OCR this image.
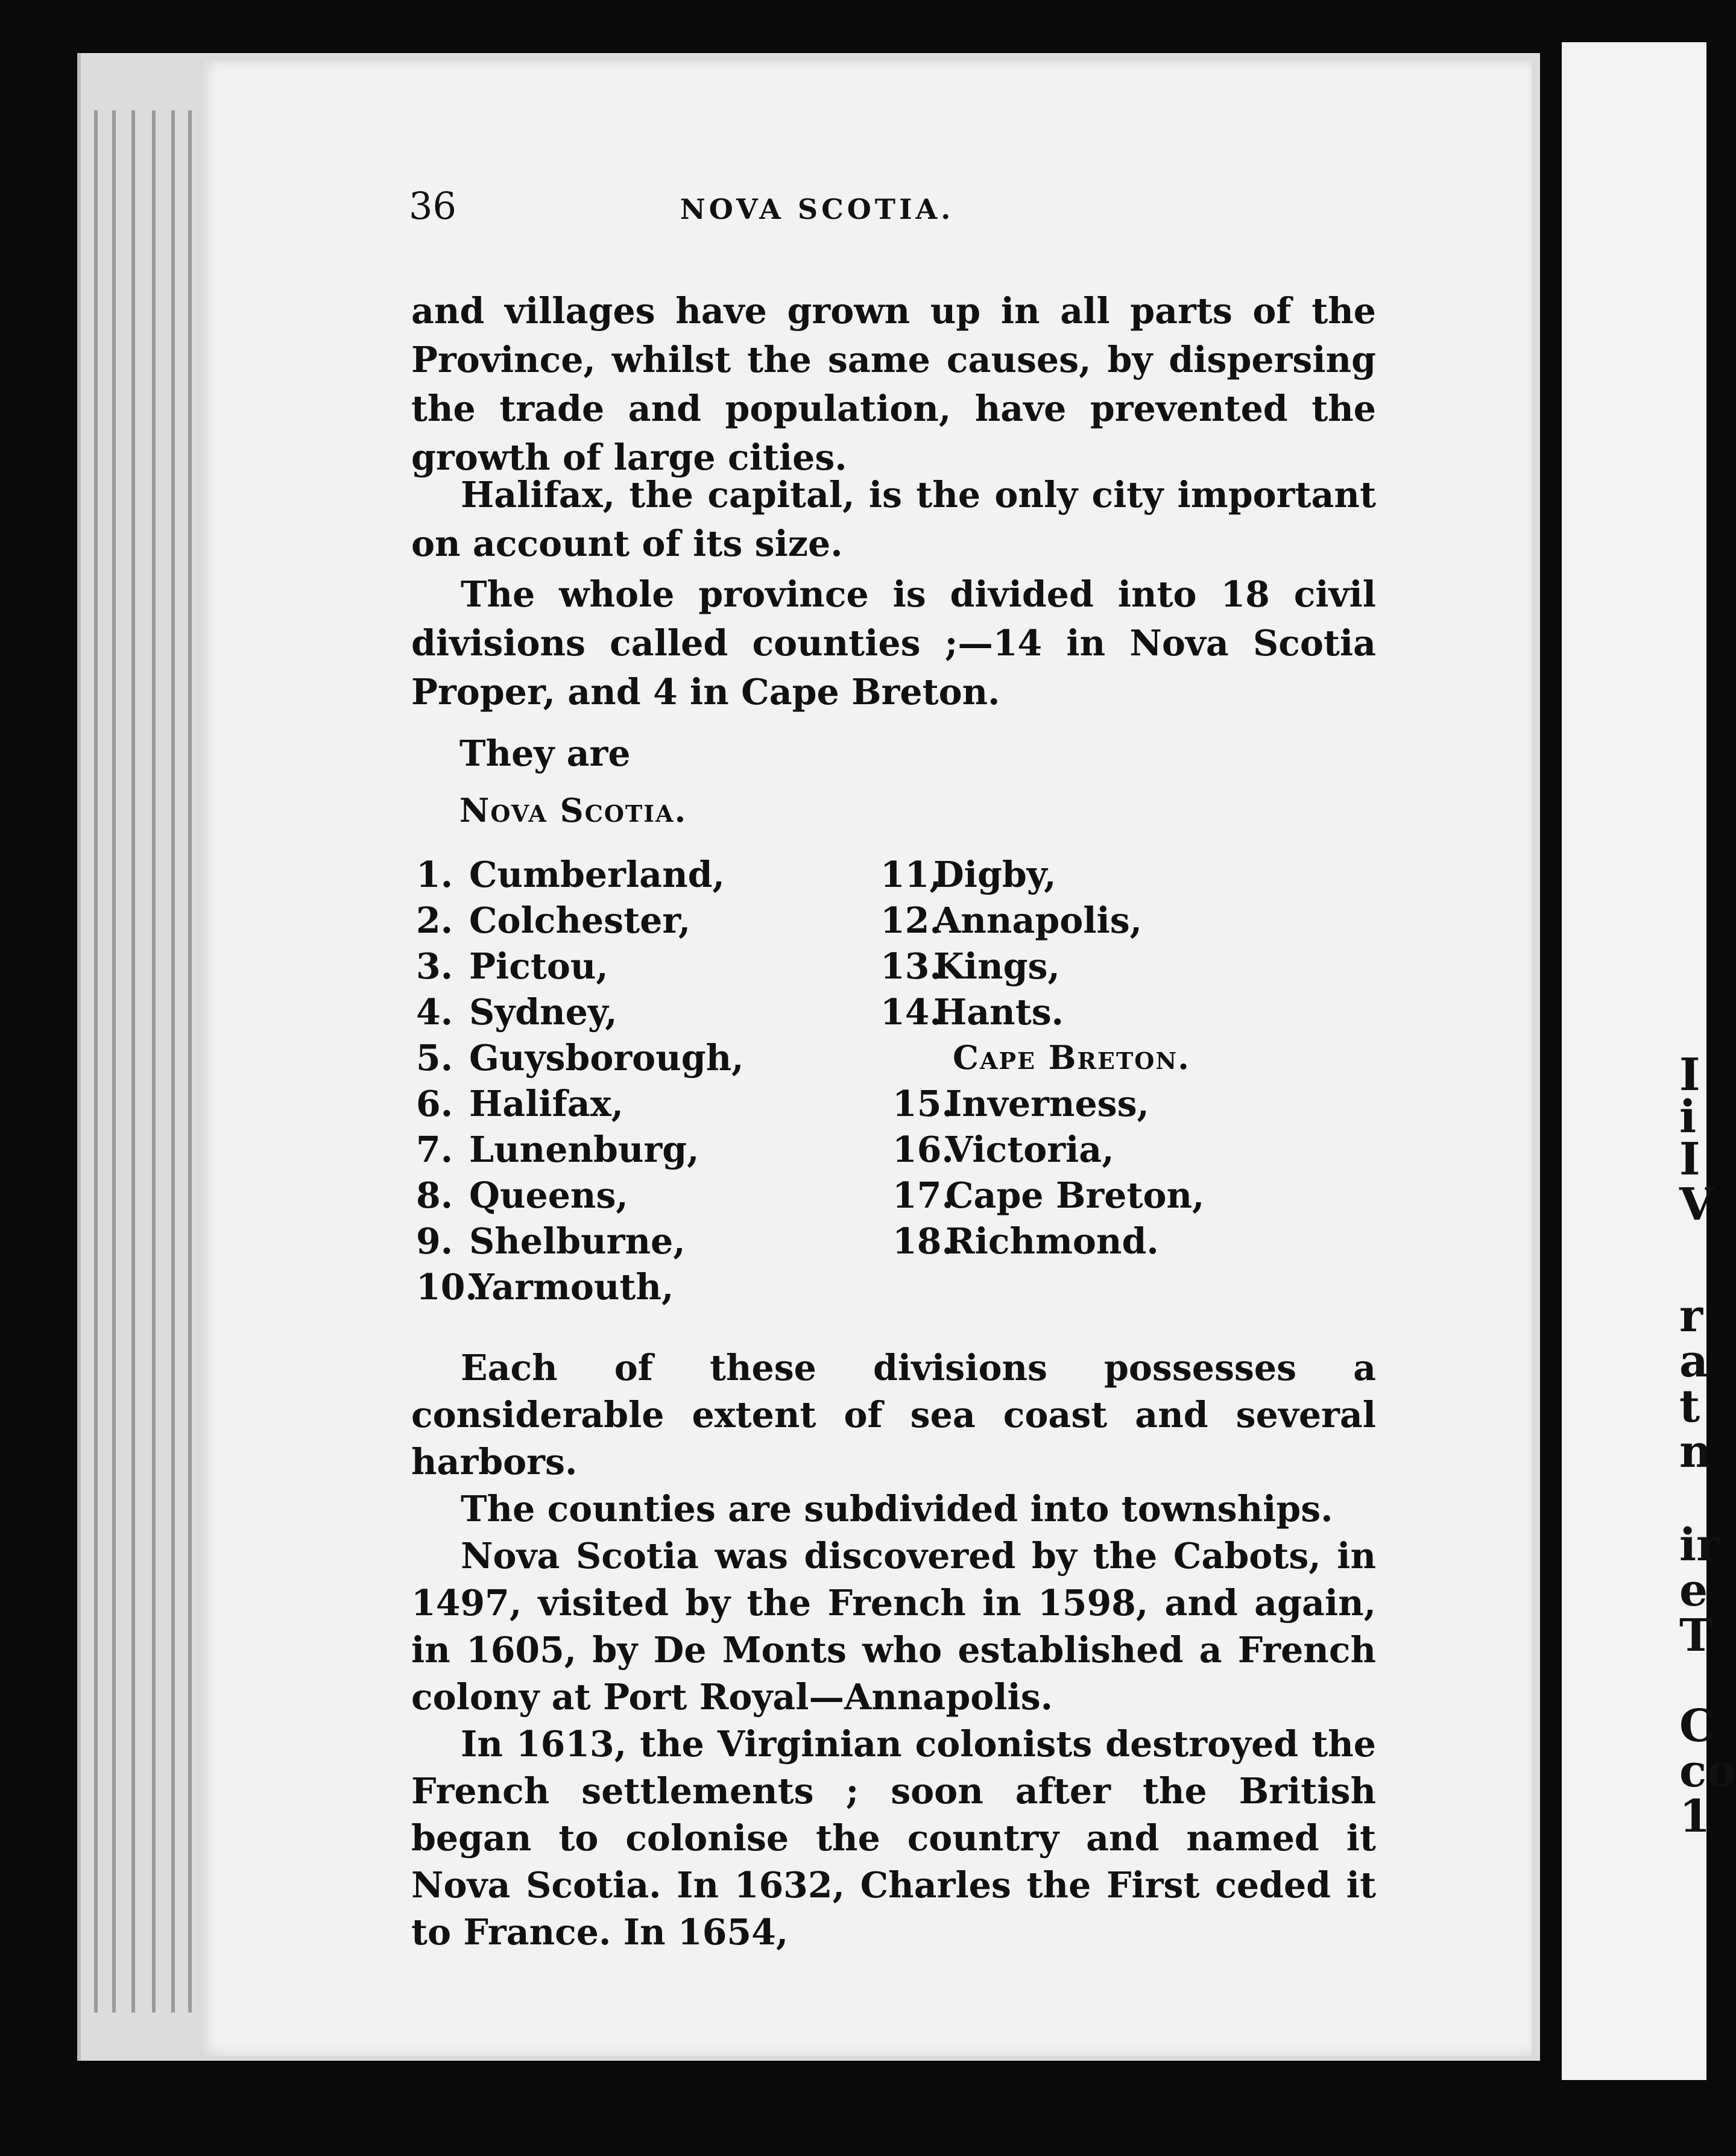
I
i
I
V
r
a
t
n
ir
e
T
C
co
1
36	NOVA SCOTIA.

and villages have grown up in all parts of the Province, whilst the same causes, by dispersing the trade and population, have prevented the growth of large cities.

Halifax, the capital, is the only city important on account of its size.

The whole province is divided into 18 civil divisions called counties ;—14 in Nova Scotia Proper, and 4 in Cape Breton.

They are
Nova Scotia.
1. Cumberland,
2. Colchester,
3. Pictou,
4. Sydney,
5. Guysborough,
6. Halifax,
7. Lunenburg,
8. Queens,
9. Shelburne,
10.Yarmouth,
11,Digby,
12.Annapolis,
13.Kings,
14.Hants.
Cape Breton.
15.Inverness,
16.Victoria,
17.Cape Breton,
18.Richmond.

Each of these divisions possesses a considerable extent of sea coast and several harbors.

The counties are subdivided into townships.

Nova Scotia was discovered by the Cabots, in 1497, visited by the French in 1598, and again, in 1605, by De Monts who established a French colony at Port Royal—Annapolis.

In 1613, the Virginian colonists destroyed the French settlements ; soon after the British began to colonise the country and named it Nova Scotia. In 1632, Charles the First ceded it to France. In 1654,
